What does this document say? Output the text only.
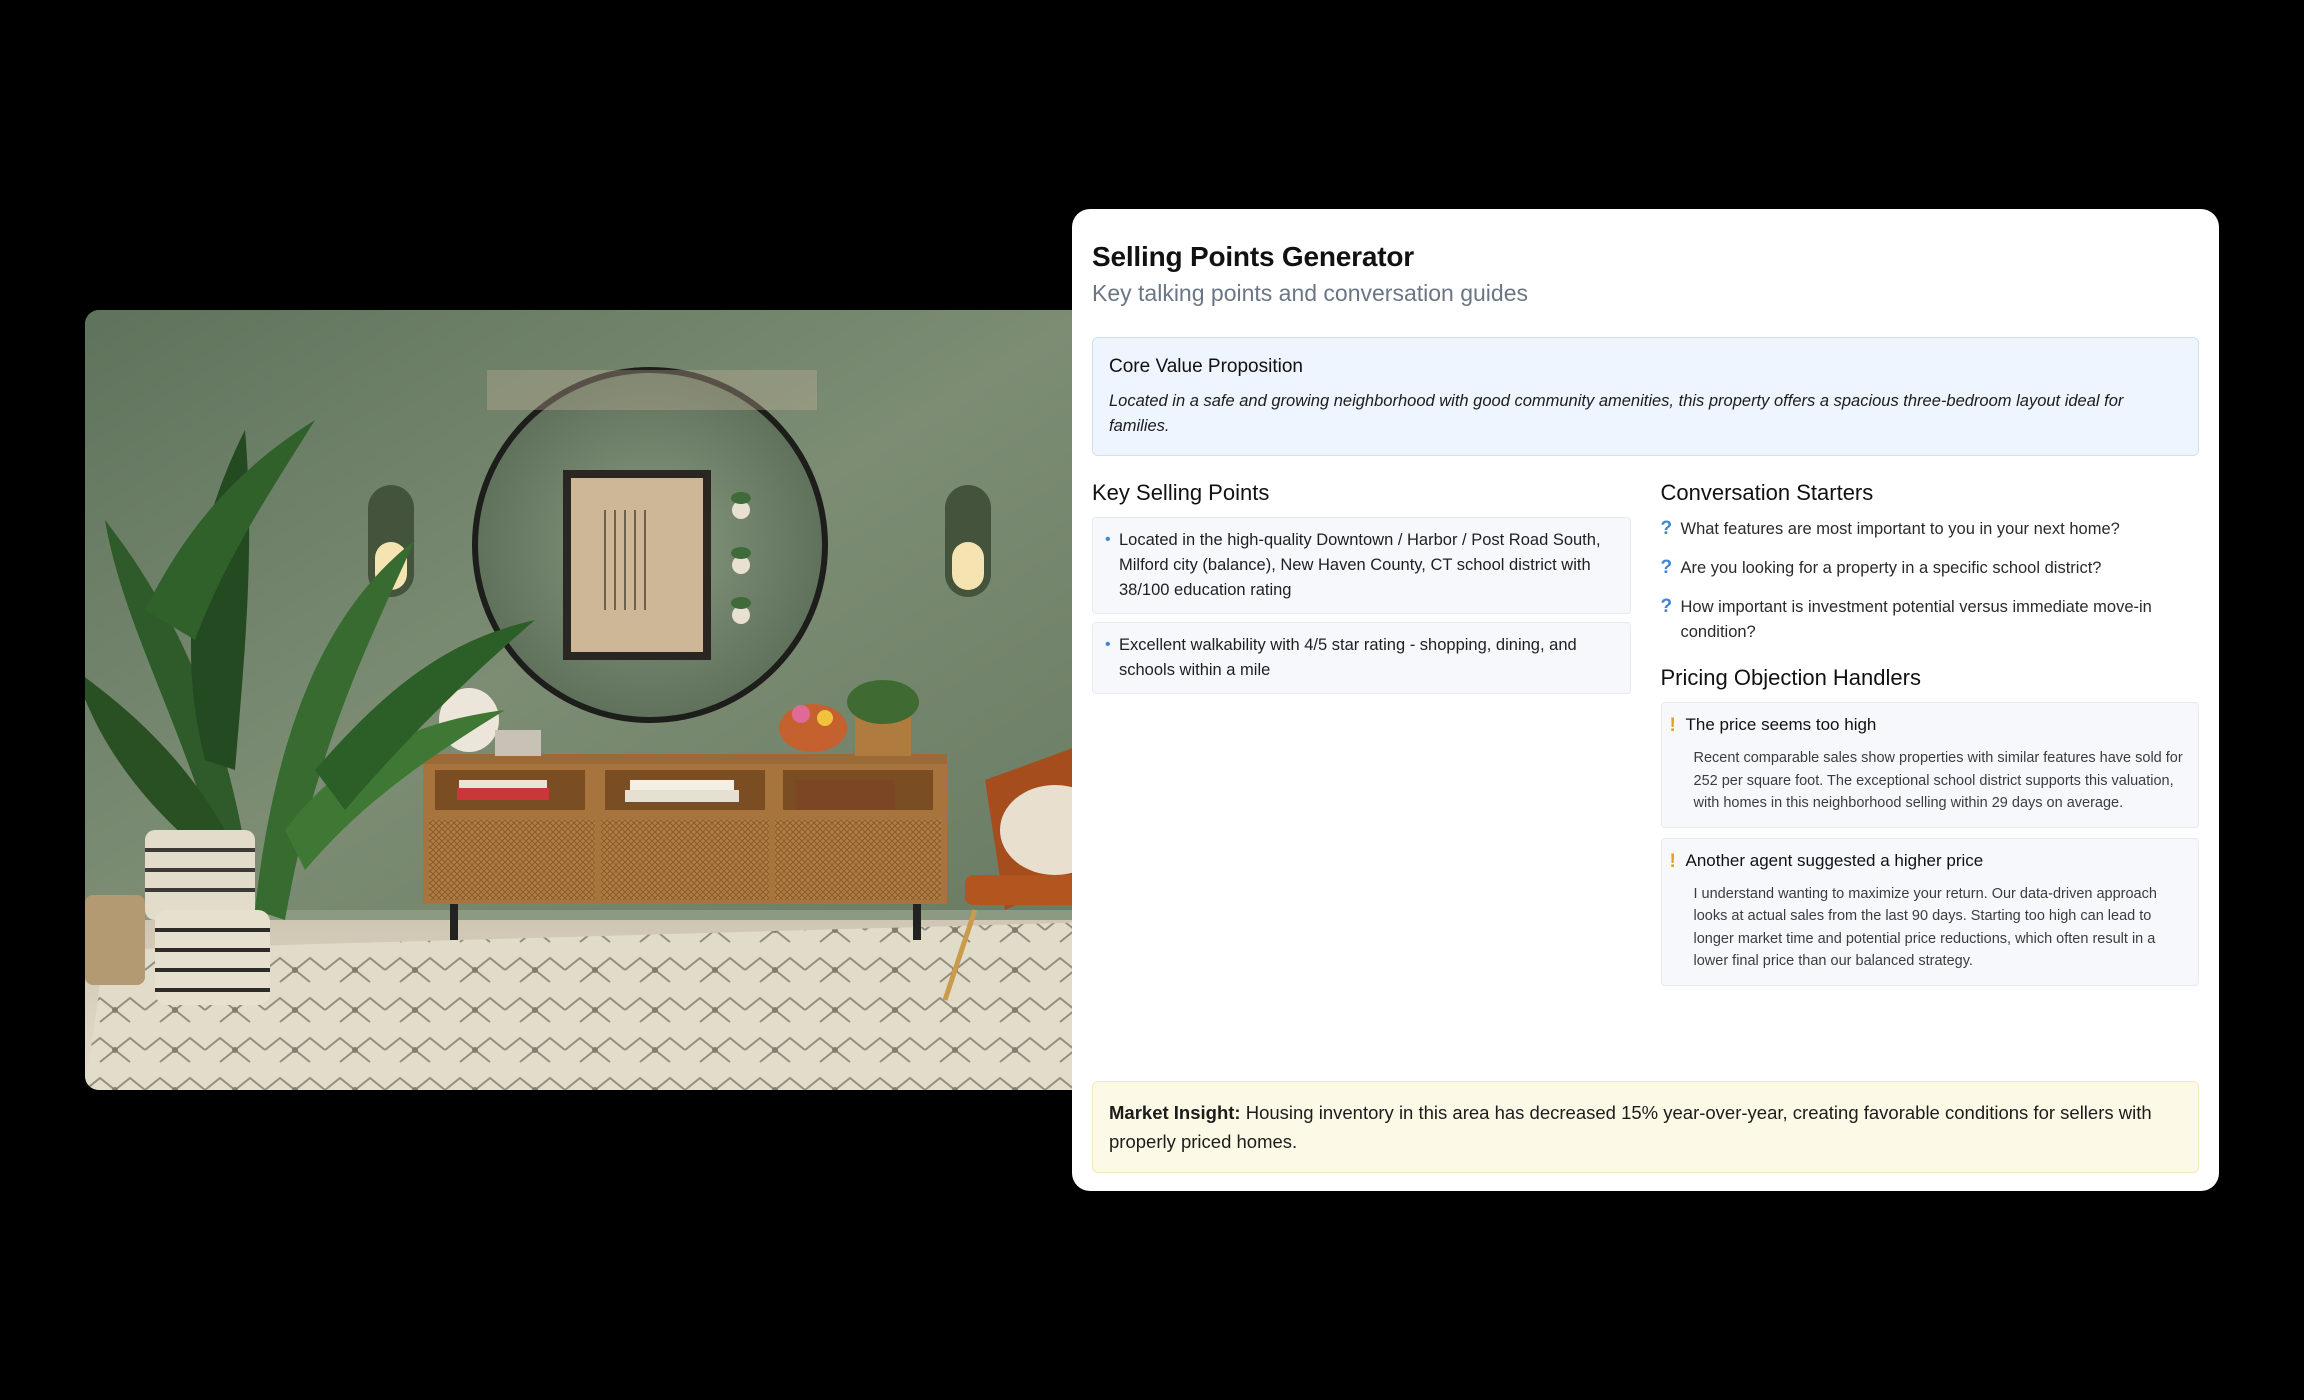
Selling Points Generator
Key talking points and conversation guides
Core Value Proposition
Located in a safe and growing neighborhood with good community amenities, this property offers a spacious three-bedroom layout ideal for families.
Key Selling Points
• Located in the high-quality Downtown / Harbor / Post Road South, Milford city (balance), New Haven County, CT school district with 38/100 education rating
• Excellent walkability with 4/5 star rating - shopping, dining, and schools within a mile
Conversation Starters
? What features are most important to you in your next home?
? Are you looking for a property in a specific school district?
? How important is investment potential versus immediate move-in condition?
Pricing Objection Handlers
! The price seems too high
Recent comparable sales show properties with similar features have sold for 252 per square foot. The exceptional school district supports this valuation, with homes in this neighborhood selling within 29 days on average.
! Another agent suggested a higher price
I understand wanting to maximize your return. Our data-driven approach looks at actual sales from the last 90 days. Starting too high can lead to longer market time and potential price reductions, which often result in a lower final price than our balanced strategy.
Market Insight: Housing inventory in this area has decreased 15% year-over-year, creating favorable conditions for sellers with properly priced homes.
